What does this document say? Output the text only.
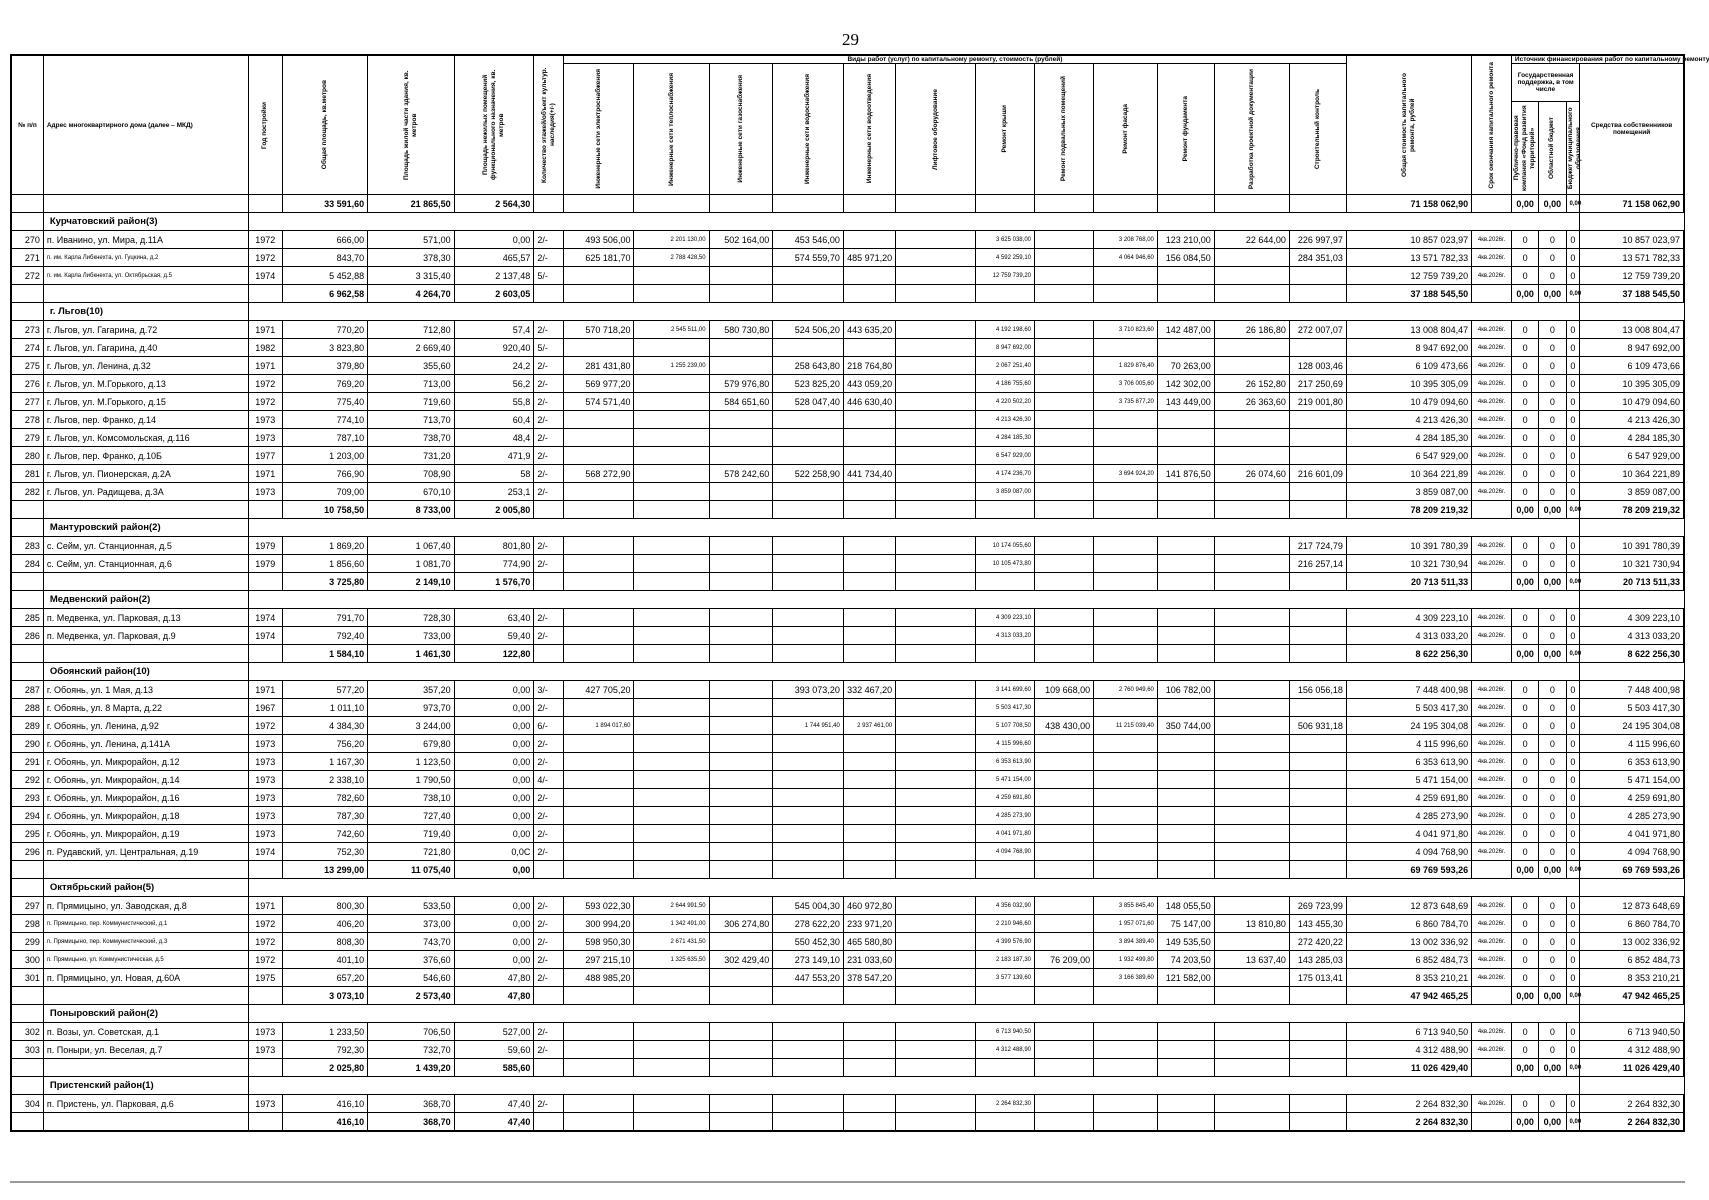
29
№ п/п	Адрес многоквартирного дома (далее – МКД)	Год постройки	Общая площадь, кв.метров	Площадь жилой части здания, кв. метров	Площадь нежилых помещений функционального назначения, кв. метров	Количество этажей/объект культур. наследия(+/-)	Виды работ (услуг) по капитальному ремонту, стоимость (рублей)												Общая стоимость капитального ремонта, рублей	Срок окончания капитального ремонта	Источник финансирования работ по капитальному ремонту			

							Инженерные сети электроснабжения	Инженерные сети теплоснабжения	Инженерные сети газоснабжения	Инженерные сети водоснабжения	Инженерные сети водоотведения	Лифтовое оборудование	Ремонт крыши	Ремонт подвальных помещений	Ремонт фасада	Ремонт фундамента	Разработка проектной документации	Строительный контроль			Государственная поддержка, в том числе			Средства собственников помещений

																					Публично-правовая компания «Фонд развития территорий»	Областной бюджет	Бюджет муниципального образования	

			33 591,60	21 865,50	2 564,30														71 158 062,90		0,00	0,00	0,00	71 158 062,90
	Курчатовский район(3)																							
270	п. Иванино, ул. Мира, д.11А	1972	666,00	571,00	0,00	2/-	493 506,00	2 201 130,00	502 164,00	453 546,00			3 625 038,00		3 208 768,00	123 210,00	22 644,00	226 997,97	10 857 023,97	4кв.2026г.	0	0	0	10 857 023,97
271	п. им. Карла Либкнехта, ул. Гуцкина, д.2	1972	843,70	378,30	465,57	2/-	625 181,70	2 788 428,50		574 559,70	485 971,20		4 592 259,10		4 064 946,60	156 084,50		284 351,03	13 571 782,33	4кв.2026г.	0	0	0	13 571 782,33
272	п. им. Карла Либкнехта, ул. Октябрьская, д.5	1974	5 452,88	3 315,40	2 137,48	5/-							12 759 739,20						12 759 739,20	4кв.2026г.	0	0	0	12 759 739,20
			6 962,58	4 264,70	2 603,05														37 188 545,50		0,00	0,00	0,00	37 188 545,50
	г. Льгов(10)																							
273	г. Льгов, ул. Гагарина, д.72	1971	770,20	712,80	57,4	2/-	570 718,20	2 545 511,00	580 730,80	524 506,20	443 635,20		4 192 198,60		3 710 823,60	142 487,00	26 186,80	272 007,07	13 008 804,47	4кв.2026г.	0	0	0	13 008 804,47
274	г. Льгов, ул. Гагарина, д.40	1982	3 823,80	2 669,40	920,40	5/-							8 947 692,00						8 947 692,00	4кв.2026г.	0	0	0	8 947 692,00
275	г. Льгов, ул. Ленина, д.32	1971	379,80	355,60	24,2	2/-	281 431,80	1 255 239,00		258 643,80	218 764,80		2 067 251,40		1 829 876,40	70 263,00		128 003,46	6 109 473,66	4кв.2026г.	0	0	0	6 109 473,66
276	г. Льгов, ул. М.Горького, д.13	1972	769,20	713,00	56,2	2/-	569 977,20		579 976,80	523 825,20	443 059,20		4 186 755,60		3 706 005,60	142 302,00	26 152,80	217 250,69	10 395 305,09	4кв.2026г.	0	0	0	10 395 305,09
277	г. Льгов, ул. М.Горького, д.15	1972	775,40	719,60	55,8	2/-	574 571,40		584 651,60	528 047,40	446 630,40		4 220 502,20		3 735 877,20	143 449,00	26 363,60	219 001,80	10 479 094,60	4кв.2026г.	0	0	0	10 479 094,60
278	г. Льгов, пер. Франко, д.14	1973	774,10	713,70	60,4	2/-							4 213 426,30						4 213 426,30	4кв.2026г.	0	0	0	4 213 426,30
279	г. Льгов, ул. Комсомольская, д.116	1973	787,10	738,70	48,4	2/-							4 284 185,30						4 284 185,30	4кв.2026г.	0	0	0	4 284 185,30
280	г. Льгов, пер. Франко, д.10Б	1977	1 203,00	731,20	471,9	2/-							6 547 929,00						6 547 929,00	4кв.2026г.	0	0	0	6 547 929,00
281	г. Льгов, ул. Пионерская, д.2А	1971	766,90	708,90	58	2/-	568 272,90		578 242,60	522 258,90	441 734,40		4 174 236,70		3 694 924,20	141 876,50	26 074,60	216 601,09	10 364 221,89	4кв.2026г.	0	0	0	10 364 221,89
282	г. Льгов, ул. Радищева, д.3А	1973	709,00	670,10	253,1	2/-							3 859 087,00						3 859 087,00	4кв.2026г.	0	0	0	3 859 087,00
			10 758,50	8 733,00	2 005,80														78 209 219,32		0,00	0,00	0,00	78 209 219,32
	Мантуровский район(2)																							
283	с. Сейм, ул. Станционная, д.5	1979	1 869,20	1 067,40	801,80	2/-							10 174 055,60					217 724,79	10 391 780,39	4кв.2026г.	0	0	0	10 391 780,39
284	с. Сейм, ул. Станционная, д.6	1979	1 856,60	1 081,70	774,90	2/-							10 105 473,80					216 257,14	10 321 730,94	4кв.2026г.	0	0	0	10 321 730,94
			3 725,80	2 149,10	1 576,70														20 713 511,33		0,00	0,00	0,00	20 713 511,33
	Медвенский район(2)																							
285	п. Медвенка, ул. Парковая, д.13	1974	791,70	728,30	63,40	2/-							4 309 223,10						4 309 223,10	4кв.2026г.	0	0	0	4 309 223,10
286	п. Медвенка, ул. Парковая, д.9	1974	792,40	733,00	59,40	2/-							4 313 033,20						4 313 033,20	4кв.2026г.	0	0	0	4 313 033,20
			1 584,10	1 461,30	122,80														8 622 256,30		0,00	0,00	0,00	8 622 256,30
	Обоянский район(10)																							
287	г. Обоянь, ул. 1 Мая, д.13	1971	577,20	357,20	0,00	3/-	427 705,20			393 073,20	332 467,20		3 141 699,60	109 668,00	2 760 949,60	106 782,00		156 056,18	7 448 400,98	4кв.2026г.	0	0	0	7 448 400,98
288	г. Обоянь, ул. 8 Марта, д.22	1967	1 011,10	973,70	0,00	2/-							5 503 417,30						5 503 417,30	4кв.2026г.	0	0	0	5 503 417,30
289	г. Обоянь, ул. Ленина, д.92	1972	4 384,30	3 244,00	0,00	6/-	1 894 017,60			1 744 951,40	2 937 461,00		5 107 708,50	438 430,00	11 215 039,40	350 744,00		506 931,18	24 195 304,08	4кв.2026г.	0	0	0	24 195 304,08
290	г. Обоянь, ул. Ленина, д.141А	1973	756,20	679,80	0,00	2/-							4 115 996,60						4 115 996,60	4кв.2026г.	0	0	0	4 115 996,60
291	г. Обоянь, ул. Микрорайон, д.12	1973	1 167,30	1 123,50	0,00	2/-							6 353 613,90						6 353 613,90	4кв.2026г.	0	0	0	6 353 613,90
292	г. Обоянь, ул. Микрорайон, д.14	1973	2 338,10	1 790,50	0,00	4/-							5 471 154,00						5 471 154,00	4кв.2026г.	0	0	0	5 471 154,00
293	г. Обоянь, ул. Микрорайон, д.16	1973	782,60	738,10	0,00	2/-							4 259 691,80						4 259 691,80	4кв.2026г.	0	0	0	4 259 691,80
294	г. Обоянь, ул. Микрорайон, д.18	1973	787,30	727,40	0,00	2/-							4 285 273,90						4 285 273,90	4кв.2026г.	0	0	0	4 285 273,90
295	г. Обоянь, ул. Микрорайон, д.19	1973	742,60	719,40	0,00	2/-							4 041 971,80						4 041 971,80	4кв.2026г.	0	0	0	4 041 971,80
296	п. Рудавский, ул. Центральная, д.19	1974	752,30	721,80	0,0С	2/-							4 094 768,90						4 094 768,90	4кв.2026г.	0	0	0	4 094 768,90
			13 299,00	11 075,40	0,00														69 769 593,26		0,00	0,00	0,00	69 769 593,26
	Октябрьский район(5)																							
297	п. Прямицыно, ул. Заводская, д.8	1971	800,30	533,50	0,00	2/-	593 022,30	2 644 991,50		545 004,30	460 972,80		4 356 032,90		3 855 845,40	148 055,50		269 723,99	12 873 648,69	4кв.2026г.	0	0	0	12 873 648,69
298	п. Прямицыно, пер. Коммунистический, д.1	1972	406,20	373,00	0,00	2/-	300 994,20	1 342 491,00	306 274,80	278 622,20	233 971,20		2 210 946,60		1 957 071,60	75 147,00	13 810,80	143 455,30	6 860 784,70	4кв.2026г.	0	0	0	6 860 784,70
299	п. Прямицыно, пер. Коммунистический, д.3	1972	808,30	743,70	0,00	2/-	598 950,30	2 671 431,50		550 452,30	465 580,80		4 399 576,90		3 894 389,40	149 535,50		272 420,22	13 002 336,92	4кв.2026г.	0	0	0	13 002 336,92
300	п. Прямицыно, ул. Коммунистическая, д.5	1972	401,10	376,60	0,00	2/-	297 215,10	1 325 635,50	302 429,40	273 149,10	231 033,60		2 183 187,30	76 209,00	1 932 499,80	74 203,50	13 637,40	143 285,03	6 852 484,73	4кв.2026г.	0	0	0	6 852 484,73
301	п. Прямицыно, ул. Новая, д.60А	1975	657,20	546,60	47,80	2/-	488 985,20			447 553,20	378 547,20		3 577 139,60		3 166 389,60	121 582,00		175 013,41	8 353 210,21	4кв.2026г.	0	0	0	8 353 210,21
			3 073,10	2 573,40	47,80														47 942 465,25		0,00	0,00	0,00	47 942 465,25
	Поныровский район(2)																							
302	п. Возы, ул. Советская, д.1	1973	1 233,50	706,50	527,00	2/-							6 713 940,50						6 713 940,50	4кв.2026г.	0	0	0	6 713 940,50
303	п. Поныри, ул. Веселая, д.7	1973	792,30	732,70	59,60	2/-							4 312 488,90						4 312 488,90	4кв.2026г.	0	0	0	4 312 488,90
			2 025,80	1 439,20	585,60														11 026 429,40		0,00	0,00	0,00	11 026 429,40
	Пристенский район(1)																							
304	п. Пристень, ул. Парковая, д.6	1973	416,10	368,70	47,40	2/-							2 264 832,30						2 264 832,30	4кв.2026г.	0	0	0	2 264 832,30
			416,10	368,70	47,40														2 264 832,30		0,00	0,00	0,00	2 264 832,30
